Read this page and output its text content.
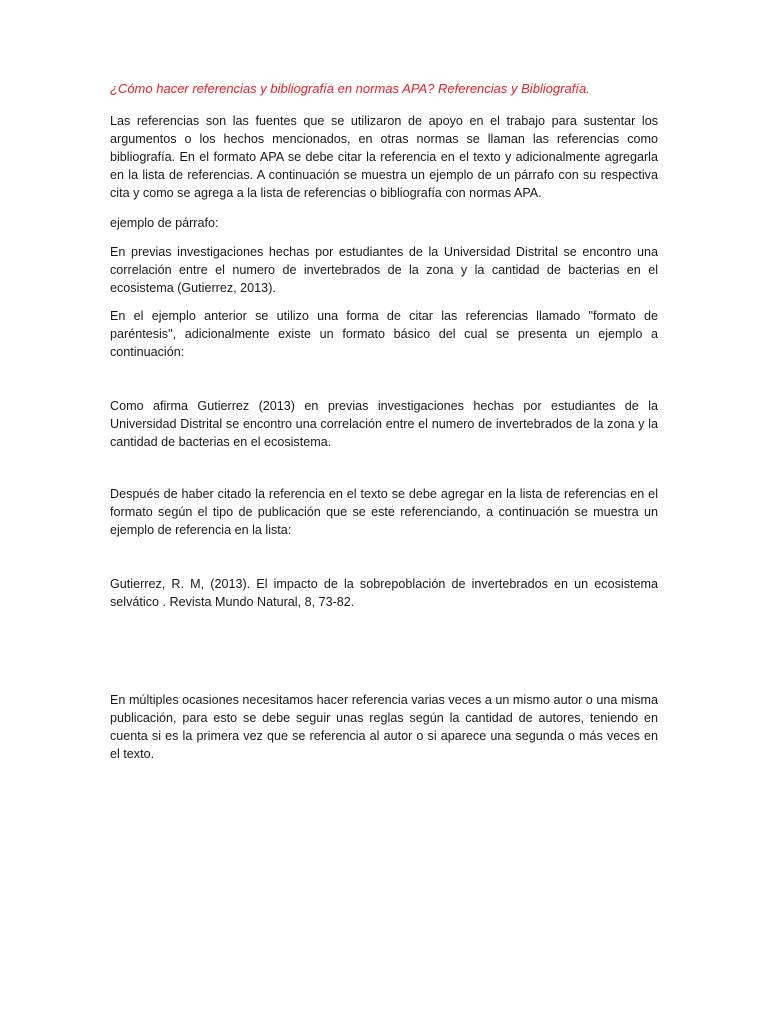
¿Cómo hacer referencias y bibliografía en normas APA? Referencias y Bibliografía.

Las referencias son las fuentes que se utilizaron de apoyo en el trabajo para sustentar los argumentos o los hechos mencionados, en otras normas se llaman las referencias como bibliografía. En el formato APA se debe citar la referencia en el texto y adicionalmente agregarla en la lista de referencias. A continuación se muestra un ejemplo de un párrafo con su respectiva cita y como se agrega a la lista de referencias o bibliografía con normas APA.

ejemplo de párrafo:

En previas investigaciones hechas por estudiantes de la Universidad Distrital se encontro una correlación entre el numero de invertebrados de la zona y la cantidad de bacterias en el ecosistema (Gutierrez, 2013).

En el ejemplo anterior se utilizo una forma de citar las referencias llamado "formato de paréntesis", adicionalmente existe un formato básico del cual se presenta un ejemplo a continuación:

Como afirma Gutierrez (2013) en previas investigaciones hechas por estudiantes de la Universidad Distrital se encontro una correlación entre el numero de invertebrados de la zona y la cantidad de bacterias en el ecosistema.

Después de haber citado la referencia en el texto se debe agregar en la lista de referencias en el formato según el tipo de publicación que se este referenciando, a continuación se muestra un ejemplo de referencia en la lista:

Gutierrez, R. M, (2013). El impacto de la sobrepoblación de invertebrados en un ecosistema selvático . Revista Mundo Natural, 8, 73-82.

En múltiples ocasiones necesitamos hacer referencia varias veces a un mismo autor o una misma publicación, para esto se debe seguir unas reglas según la cantidad de autores, teniendo en cuenta si es la primera vez que se referencia al autor o si aparece una segunda o más veces en el texto.
